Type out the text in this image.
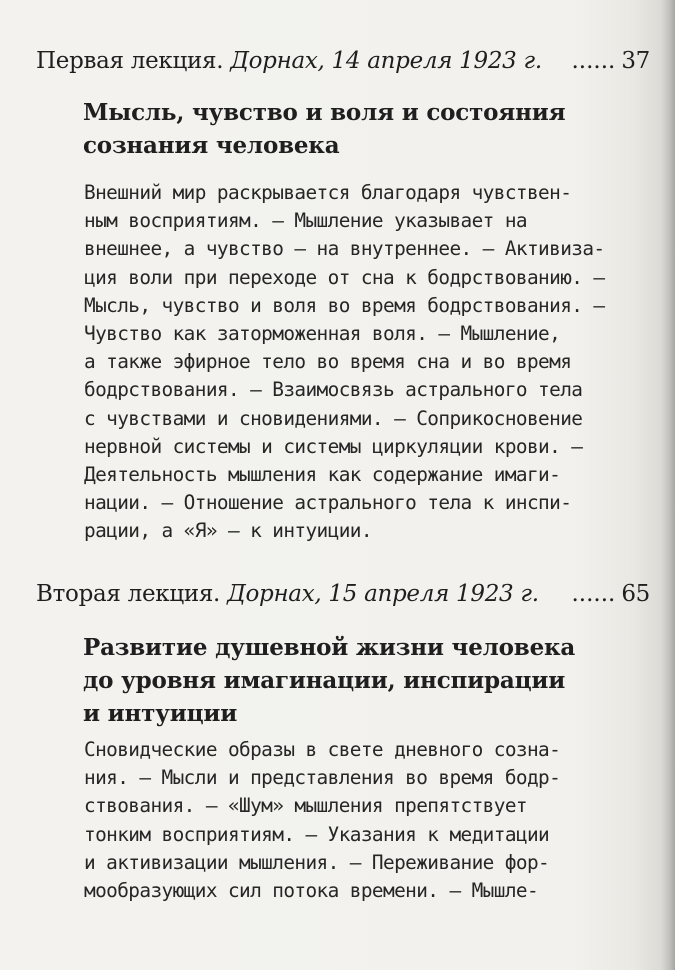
Первая лекция. Дорнах, 14 апреля 1923 г. ......	37
Мысль, чувство и воля и состояния
сознания человека
Внешний мир раскрывается благодаря чувствен-
ным восприятиям. — Мышление указывает на
внешнее, а чувство — на внутреннее. — Активиза-
ция воли при переходе от сна к бодрствованию. —
Мысль, чувство и воля во время бодрствования. —
Чувство как заторможенная воля. — Мышление,
а также эфирное тело во время сна и во время
бодрствования. — Взаимосвязь астрального тела
с чувствами и сновидениями. — Соприкосновение
нервной системы и системы циркуляции крови. —
Деятельность мышления как содержание имаги-
нации. — Отношение астрального тела к инспи-
рации, а «Я» — к интуиции.
Вторая лекция. Дорнах, 15 апреля 1923 г. ......	65
Развитие душевной жизни человека
до уровня имагинации, инспирации
и интуиции
Сновидческие образы в свете дневного созна-
ния. — Мысли и представления во время бодр-
ствования. — «Шум» мышления препятствует
тонким восприятиям. — Указания к медитации
и активизации мышления. — Переживание фор-
мообразующих сил потока времени. — Мышле-
